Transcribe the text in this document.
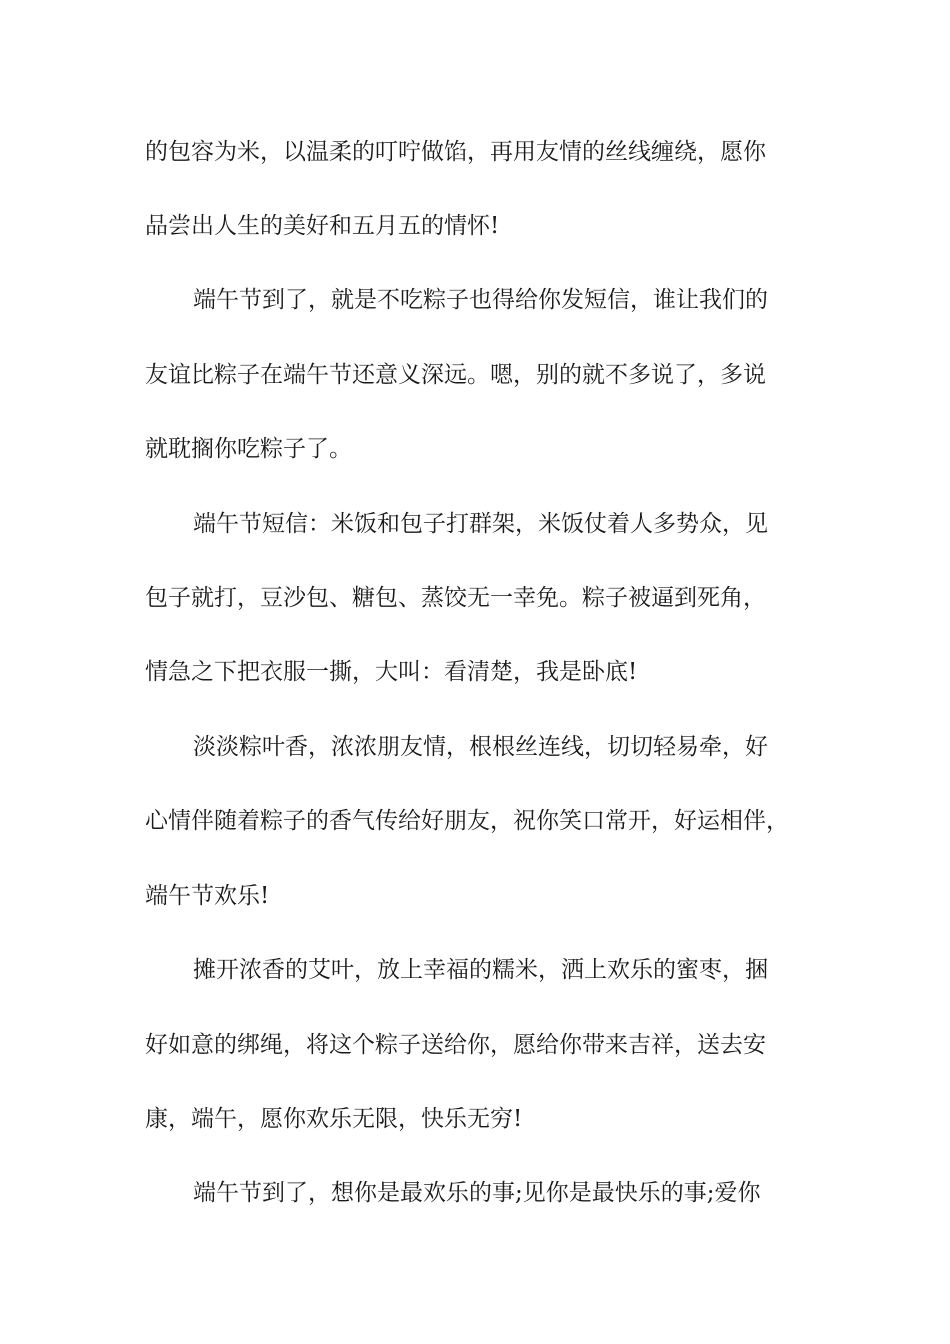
的包容为米，以温柔的叮咛做馅，再用友情的丝线缠绕，愿你
品尝出人生的美好和五月五的情怀!
端午节到了，就是不吃粽子也得给你发短信，谁让我们的
友谊比粽子在端午节还意义深远。嗯，别的就不多说了，多说
就耽搁你吃粽子了。
端午节短信：米饭和包子打群架，米饭仗着人多势众，见
包子就打，豆沙包、糖包、蒸饺无一幸免。粽子被逼到死角，
情急之下把衣服一撕，大叫：看清楚，我是卧底!
淡淡粽叶香，浓浓朋友情，根根丝连线，切切轻易牵，好
心情伴随着粽子的香气传给好朋友，祝你笑口常开，好运相伴，
端午节欢乐!
摊开浓香的艾叶，放上幸福的糯米，洒上欢乐的蜜枣，捆
好如意的绑绳，将这个粽子送给你，愿给你带来吉祥，送去安
康，端午，愿你欢乐无限，快乐无穷!
端午节到了，想你是最欢乐的事;见你是最快乐的事;爱你
